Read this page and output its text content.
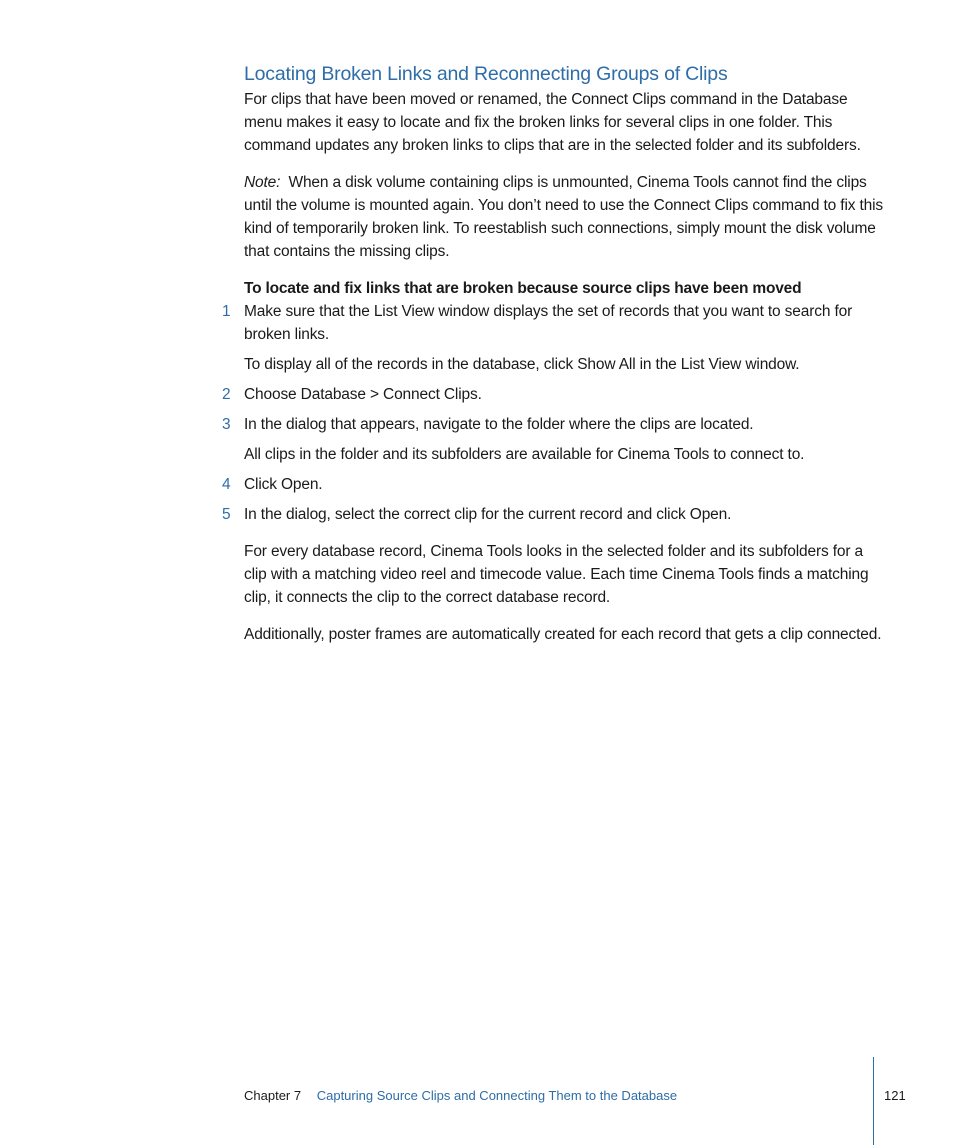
Locating Broken Links and Reconnecting Groups of Clips

For clips that have been moved or renamed, the Connect Clips command in the Database menu makes it easy to locate and fix the broken links for several clips in one folder. This command updates any broken links to clips that are in the selected folder and its subfolders.

Note: When a disk volume containing clips is unmounted, Cinema Tools cannot find the clips until the volume is mounted again. You don’t need to use the Connect Clips command to fix this kind of temporarily broken link. To reestablish such connections, simply mount the disk volume that contains the missing clips.

To locate and fix links that are broken because source clips have been moved

1 Make sure that the List View window displays the set of records that you want to search for broken links.

To display all of the records in the database, click Show All in the List View window.

2 Choose Database > Connect Clips.
3 In the dialog that appears, navigate to the folder where the clips are located.

All clips in the folder and its subfolders are available for Cinema Tools to connect to.

4 Click Open.
5 In the dialog, select the correct clip for the current record and click Open.

For every database record, Cinema Tools looks in the selected folder and its subfolders for a clip with a matching video reel and timecode value. Each time Cinema Tools finds a matching clip, it connects the clip to the correct database record.

Additionally, poster frames are automatically created for each record that gets a clip connected.

Chapter 7 Capturing Source Clips and Connecting Them to the Database	121
